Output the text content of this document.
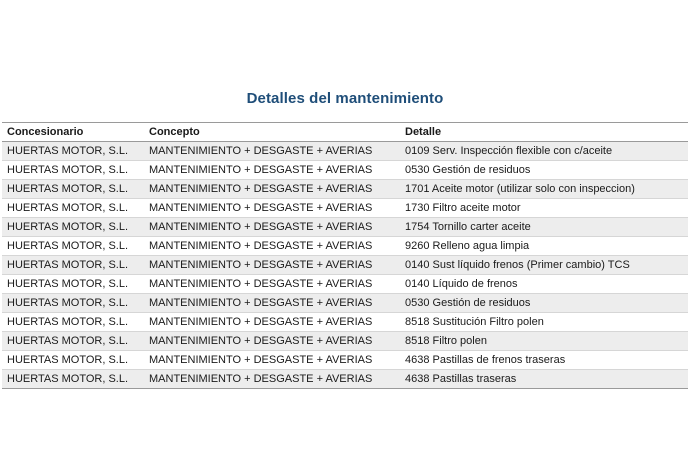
Detalles del mantenimiento
Concesionario	Concepto	Detalle
HUERTAS MOTOR, S.L.	MANTENIMIENTO + DESGASTE + AVERIAS	0109 Serv. Inspección flexible con c/aceite
HUERTAS MOTOR, S.L.	MANTENIMIENTO + DESGASTE + AVERIAS	0530 Gestión de residuos
HUERTAS MOTOR, S.L.	MANTENIMIENTO + DESGASTE + AVERIAS	1701 Aceite motor (utilizar solo con inspeccion)
HUERTAS MOTOR, S.L.	MANTENIMIENTO + DESGASTE + AVERIAS	1730 Filtro aceite motor
HUERTAS MOTOR, S.L.	MANTENIMIENTO + DESGASTE + AVERIAS	1754 Tornillo carter aceite
HUERTAS MOTOR, S.L.	MANTENIMIENTO + DESGASTE + AVERIAS	9260 Relleno agua limpia
HUERTAS MOTOR, S.L.	MANTENIMIENTO + DESGASTE + AVERIAS	0140 Sust líquido frenos (Primer cambio) TCS
HUERTAS MOTOR, S.L.	MANTENIMIENTO + DESGASTE + AVERIAS	0140 Líquido de frenos
HUERTAS MOTOR, S.L.	MANTENIMIENTO + DESGASTE + AVERIAS	0530 Gestión de residuos
HUERTAS MOTOR, S.L.	MANTENIMIENTO + DESGASTE + AVERIAS	8518 Sustitución Filtro polen
HUERTAS MOTOR, S.L.	MANTENIMIENTO + DESGASTE + AVERIAS	8518 Filtro polen
HUERTAS MOTOR, S.L.	MANTENIMIENTO + DESGASTE + AVERIAS	4638 Pastillas de frenos traseras
HUERTAS MOTOR, S.L.	MANTENIMIENTO + DESGASTE + AVERIAS	4638 Pastillas traseras
